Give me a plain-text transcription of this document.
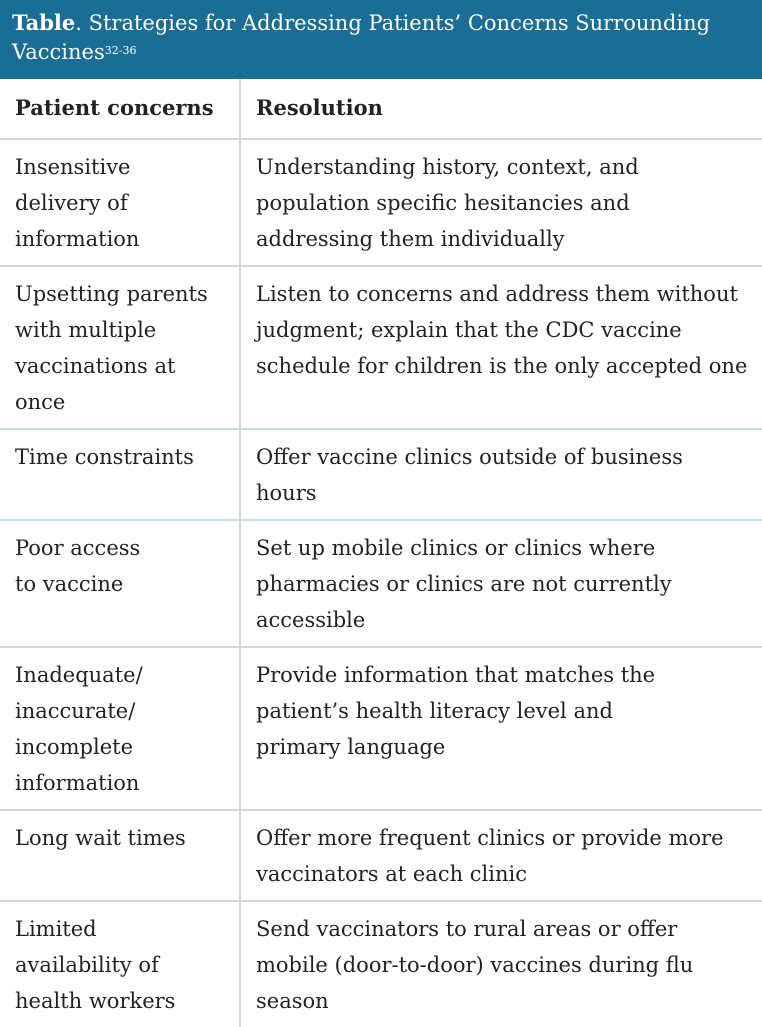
Table. Strategies for Addressing Patients’ Concerns Surrounding Vaccines$^{32-36}$
Patient concerns	Resolution
Insensitive delivery of information	Understanding history, context, and population specific hesitancies and addressing them individually
Upsetting parents with multiple vaccinations at once	Listen to concerns and address them without judgment; explain that the CDC vaccine schedule for children is the only accepted one
Time constraints	Offer vaccine clinics outside of business hours
Poor access to vaccine	Set up mobile clinics or clinics where pharmacies or clinics are not currently accessible
Inadequate/ inaccurate/ incomplete information	Provide information that matches the patient’s health literacy level and primary language
Long wait times	Offer more frequent clinics or provide more vaccinators at each clinic
Limited availability of health workers	Send vaccinators to rural areas or offer mobile (door-to-door) vaccines during flu season
